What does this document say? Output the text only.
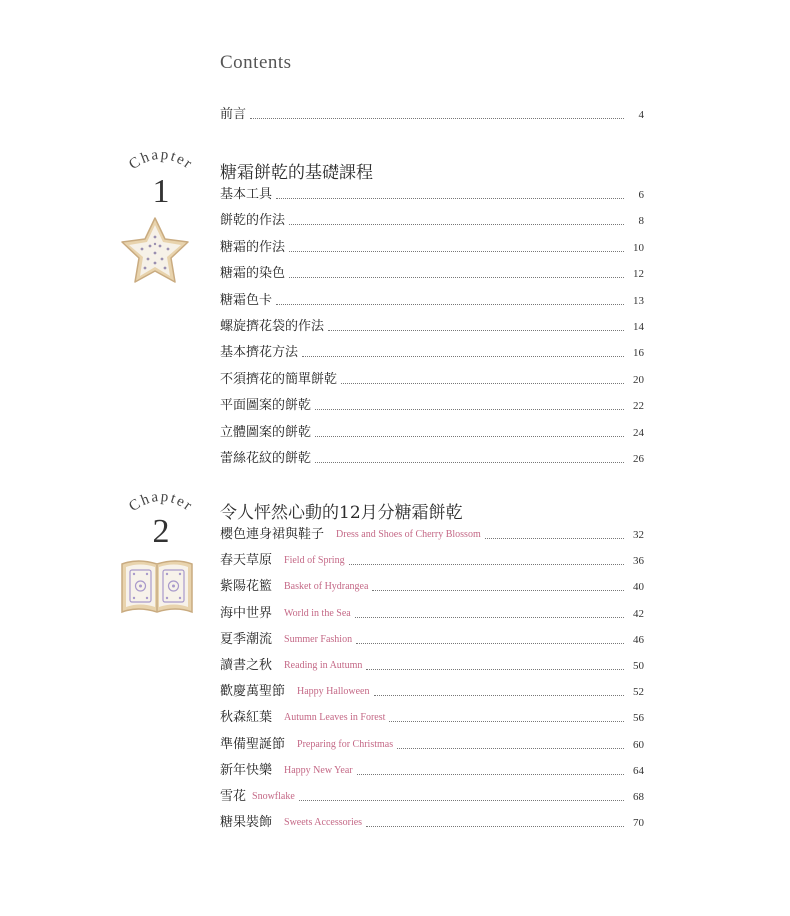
Contents
前言	4
Chapter
1	糖霜餅乾的基礎課程
基本工具	6
餅乾的作法	8
糖霜的作法	10
糖霜的染色	12
糖霜色卡	13
螺旋擠花袋的作法	14
基本擠花方法	16
不須擠花的簡單餅乾	20
平面圖案的餅乾	22
立體圖案的餅乾	24
蕾絲花紋的餅乾	26
Chapter
2	令人怦然心動的12月分糖霜餅乾
櫻色連身裙與鞋子 Dress and Shoes of Cherry Blossom	32
春天草原 Field of Spring	36
紫陽花籃 Basket of Hydrangea	40
海中世界 World in the Sea	42
夏季潮流 Summer Fashion	46
讀書之秋 Reading in Autumn	50
歡慶萬聖節 Happy Halloween	52
秋森紅葉 Autumn Leaves in Forest	56
準備聖誕節 Preparing for Christmas	60
新年快樂 Happy New Year	64
雪花 Snowflake	68
糖果裝飾 Sweets Accessories	70
